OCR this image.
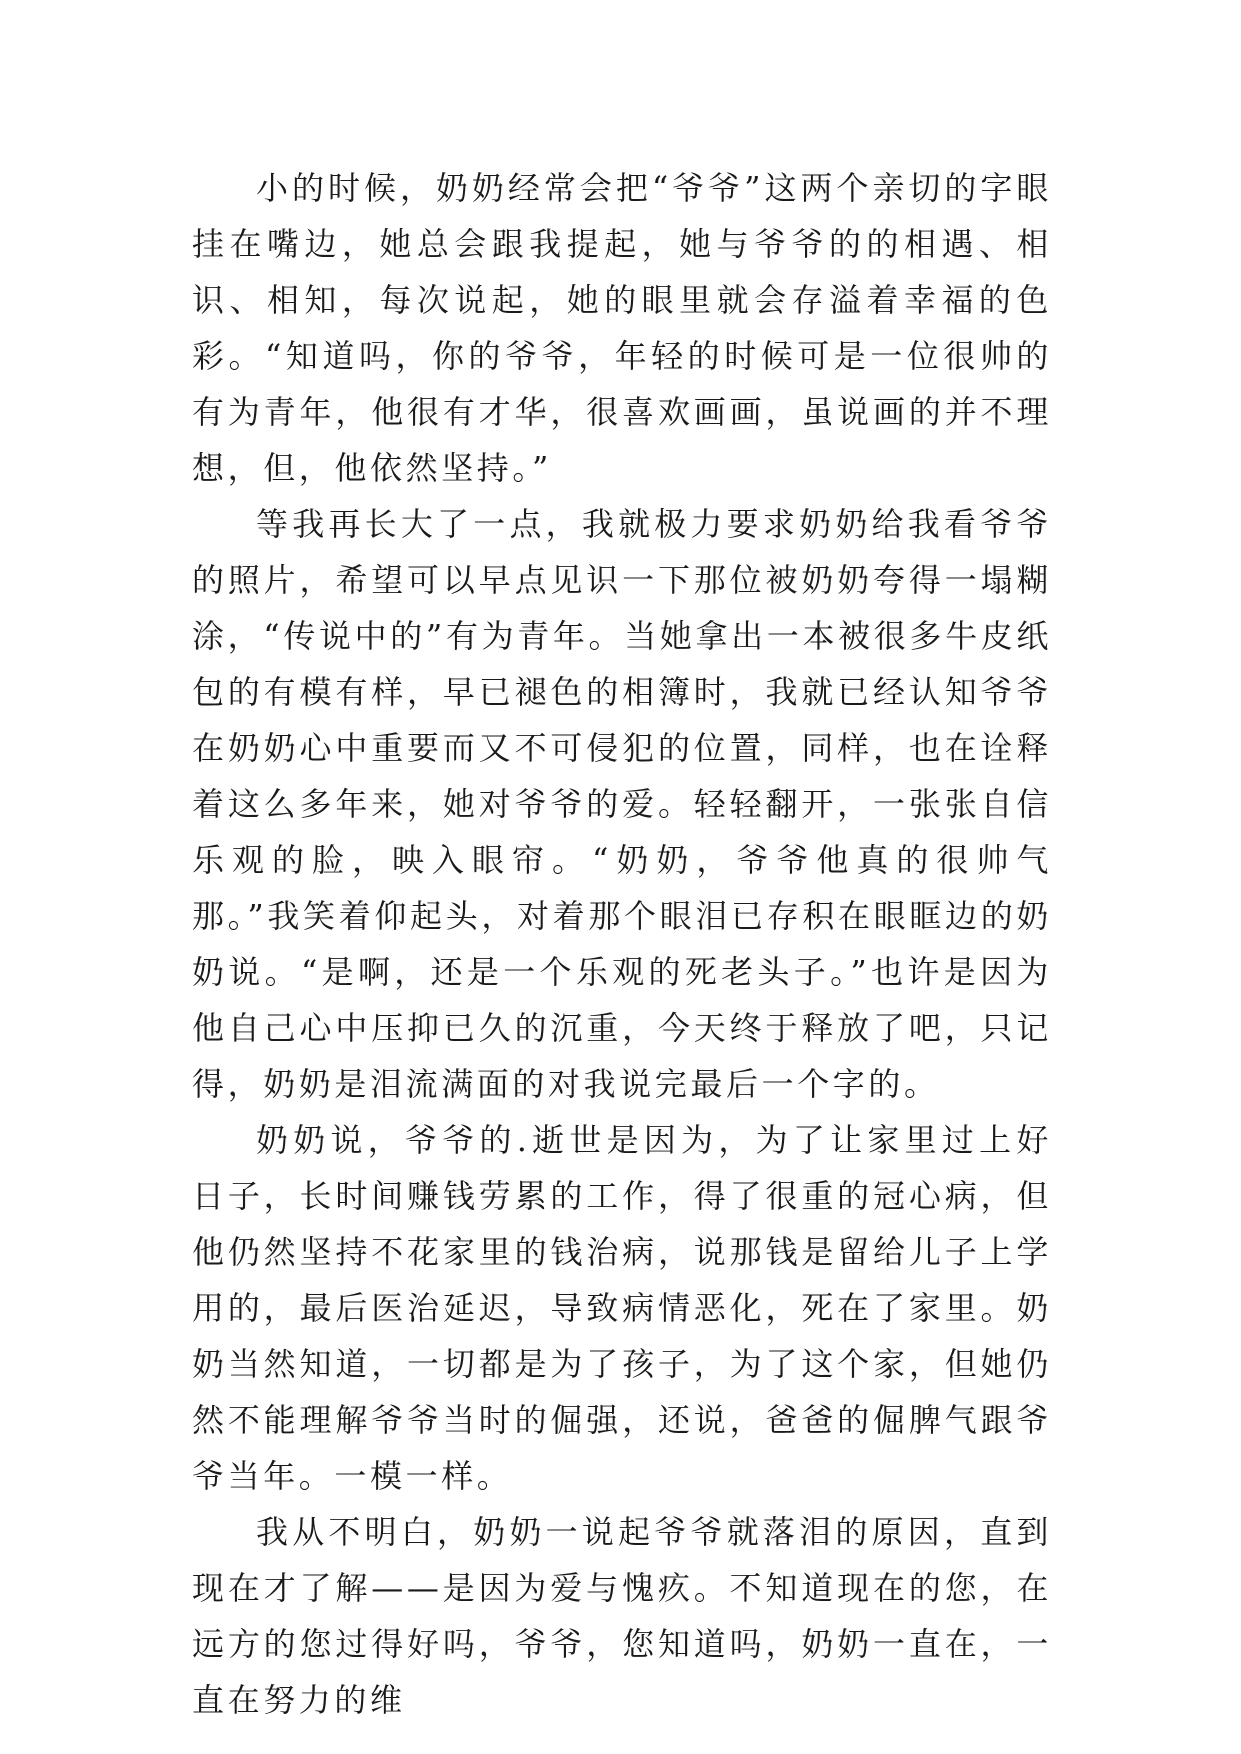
小的时候，奶奶经常会把“爷爷”这两个亲切的字眼挂在嘴边，她总会跟我提起，她与爷爷的的相遇、相识、相知，每次说起，她的眼里就会存溢着幸福的色彩。“知道吗，你的爷爷，年轻的时候可是一位很帅的有为青年，他很有才华，很喜欢画画，虽说画的并不理想，但，他依然坚持。”

等我再长大了一点，我就极力要求奶奶给我看爷爷的照片，希望可以早点见识一下那位被奶奶夸得一塌糊涂，“传说中的”有为青年。当她拿出一本被很多牛皮纸包的有模有样，早已褪色的相簿时，我就已经认知爷爷在奶奶心中重要而又不可侵犯的位置，同样，也在诠释着这么多年来，她对爷爷的爱。轻轻翻开，一张张自信乐观的脸，映入眼帘。“奶奶，爷爷他真的很帅气那。”我笑着仰起头，对着那个眼泪已存积在眼眶边的奶奶说。“是啊，还是一个乐观的死老头子。”也许是因为他自己心中压抑已久的沉重，今天终于释放了吧，只记得，奶奶是泪流满面的对我说完最后一个字的。

奶奶说，爷爷的.逝世是因为，为了让家里过上好日子，长时间赚钱劳累的工作，得了很重的冠心病，但他仍然坚持不花家里的钱治病，说那钱是留给儿子上学用的，最后医治延迟，导致病情恶化，死在了家里。奶奶当然知道，一切都是为了孩子，为了这个家，但她仍然不能理解爷爷当时的倔强，还说，爸爸的倔脾气跟爷爷当年。一模一样。

我从不明白，奶奶一说起爷爷就落泪的原因，直到现在才了解——是因为爱与愧疚。不知道现在的您，在远方的您过得好吗，爷爷，您知道吗，奶奶一直在，一直在努力的维
